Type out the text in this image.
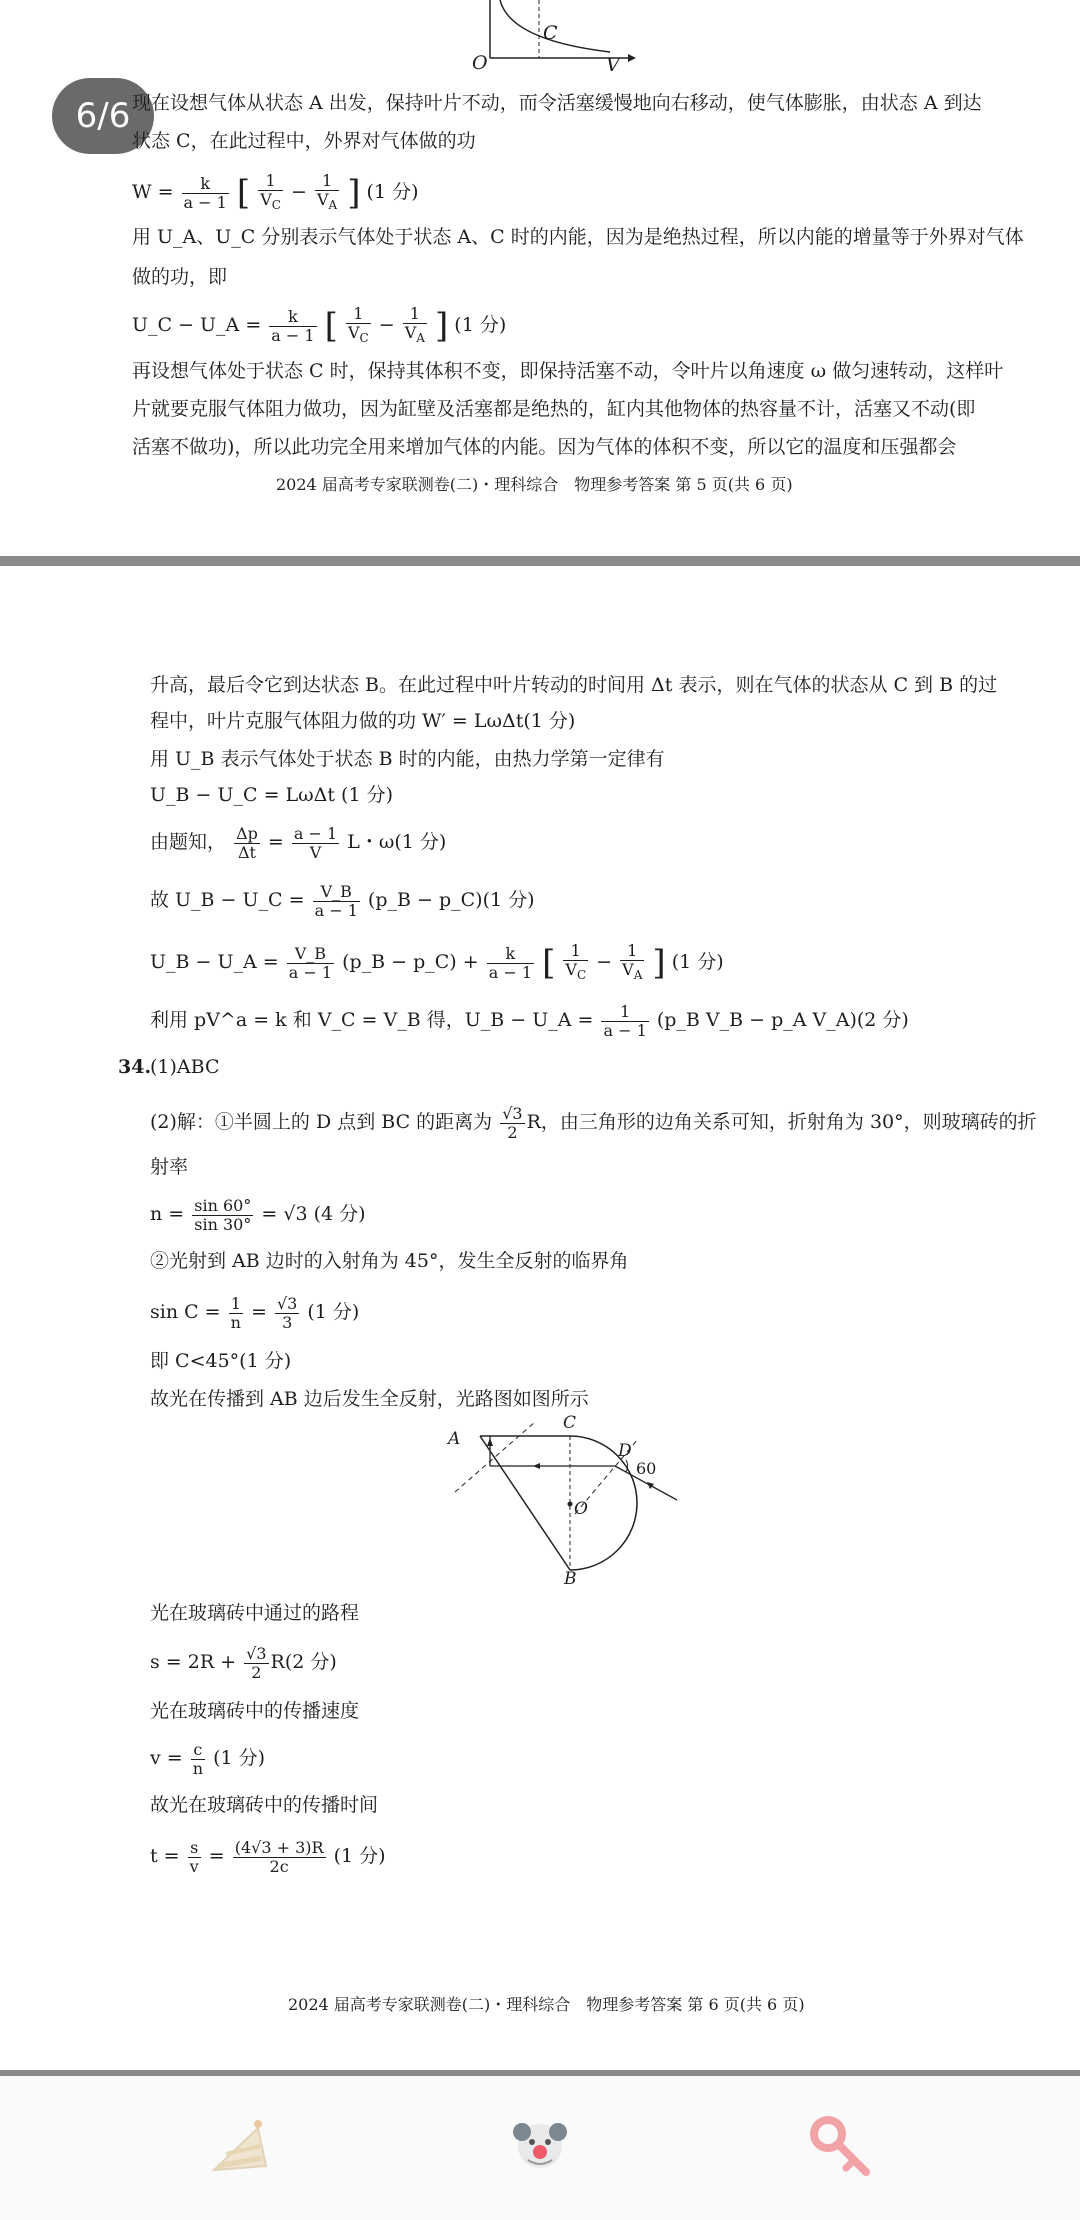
O
C
V
6/6 现在设想气体从状态 A 出发，保持叶片不动，而令活塞缓慢地向右移动，使气体膨胀，由状态 A 到达
状态 C，在此过程中，外界对气体做的功
$W = \frac{k}{a - 1}$ [ $\frac{1}{V_C} - \frac{1}{V_A}$ ] (1 分)
用 U_A、U_C 分别表示气体处于状态 A、C 时的内能，因为是绝热过程，所以内能的增量等于外界对气体
做的功，即
U_C − U_A = $\frac{k}{a - 1}$ [ $\frac{1}{V_C} - \frac{1}{V_A}$ ] (1 分)
再设想气体处于状态 C 时，保持其体积不变，即保持活塞不动，令叶片以角速度 ω 做匀速转动，这样叶
片就要克服气体阻力做功，因为缸壁及活塞都是绝热的，缸内其他物体的热容量不计，活塞又不动(即
活塞不做功)，所以此功完全用来增加气体的内能。因为气体的体积不变，所以它的温度和压强都会
2024 届高考专家联测卷(二)・理科综合　物理参考答案 第 5 页(共 6 页)
升高，最后令它到达状态 B。在此过程中叶片转动的时间用 Δt 表示，则在气体的状态从 C 到 B 的过
程中，叶片克服气体阻力做的功 W′ = LωΔt(1 分)
用 U_B 表示气体处于状态 B 时的内能，由热力学第一定律有
U_B − U_C = LωΔt (1 分)
由题知， $\frac{\Delta p}{\Delta t} = \frac{a - 1}{V}$ L・ω(1 分)
故 U_B − U_C = $\frac{V\_B}{a - 1}$ (p_B − p_C)(1 分)
U_B − U_A = $\frac{V\_B}{a - 1}$ (p_B − p_C) + $\frac{k}{a - 1}$ [ $\frac{1}{V_C} - \frac{1}{V_A}$ ] (1 分)
利用 pV^a = k 和 V_C = V_B 得，U_B − U_A = $\frac{1}{a - 1}$ (p_B V_B − p_A V_A)(2 分)
34.
(1)ABC
(2)解：①半圆上的 D 点到 BC 的距离为 $\frac{√3}{2}$ R，由三角形的边角关系可知，折射角为 30°，则玻璃砖的折
射率
$n = \frac{\sin 60^\circ}{\sin 30^\circ} = √3$ (4 分)
②光射到 AB 边时的入射角为 45°，发生全反射的临界角
$\sin C = \frac{1}{n} = \frac{√3}{3} (1$ 分)
即 C<45°(1 分)
故光在传播到 AB 边后发生全反射，光路图如图所示
A
C
D
60
O
B
光在玻璃砖中通过的路程
$s = 2R + \frac{√3}{2} R(2$ 分)
光在玻璃砖中的传播速度
$v = \frac{c}{n} (1$ 分)
故光在玻璃砖中的传播时间
$t = \frac{s}{v} = \frac{(4√3 + 3)R}{2c} (1$ 分)
2024 届高考专家联测卷(二)・理科综合　物理参考答案 第 6 页(共 6 页)
